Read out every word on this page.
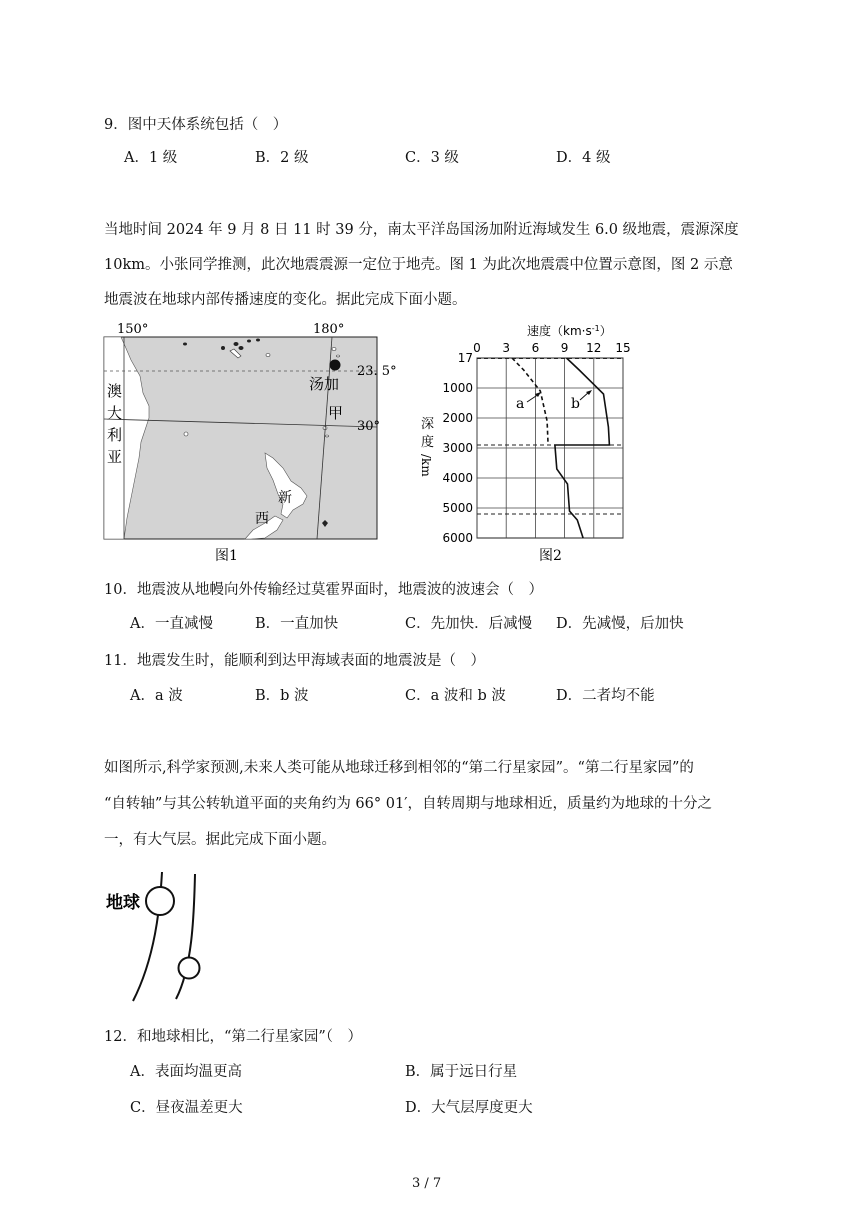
9．图中天体系统包括（　）
A．1 级	B．2 级	C．3 级	D．4 级
当地时间 2024 年 9 月 8 日 11 时 39 分，南太平洋岛国汤加附近海域发生 6.0 级地震，震源深度
10km。小张同学推测，此次地震震源一定位于地壳。图 1 为此次地震震中位置示意图，图 2 示意
地震波在地球内部传播速度的变化。据此完成下面小题。
150°	180°
23. 5°
30°
澳
大
利
亚
汤加
甲
新
西
图1
速度$(km\cdot s^{-1})$
深
度
/km
0 3 6 9 12 15
17
1000
2000
3000
4000
5000
6000
a	b
图2
10．地震波从地幔向外传输经过莫霍界面时，地震波的波速会（　）
A．一直减慢	B．一直加快	C．先加快．后减慢 D．先减慢，后加快
11．地震发生时，能顺利到达甲海域表面的地震波是（　）
A．a 波	B．b 波	C．a 波和 b 波	D．二者均不能
如图所示,科学家预测,未来人类可能从地球迁移到相邻的“第二行星家园”。“第二行星家园”的
“自转轴”与其公转轨道平面的夹角约为 66° 01′，自转周期与地球相近，质量约为地球的十分之
一，有大气层。据此完成下面小题。
地球
12．和地球相比，“第二行星家园”（　）
A．表面均温更高	B．属于远日行星
C．昼夜温差更大	D．大气层厚度更大
3 / 7
